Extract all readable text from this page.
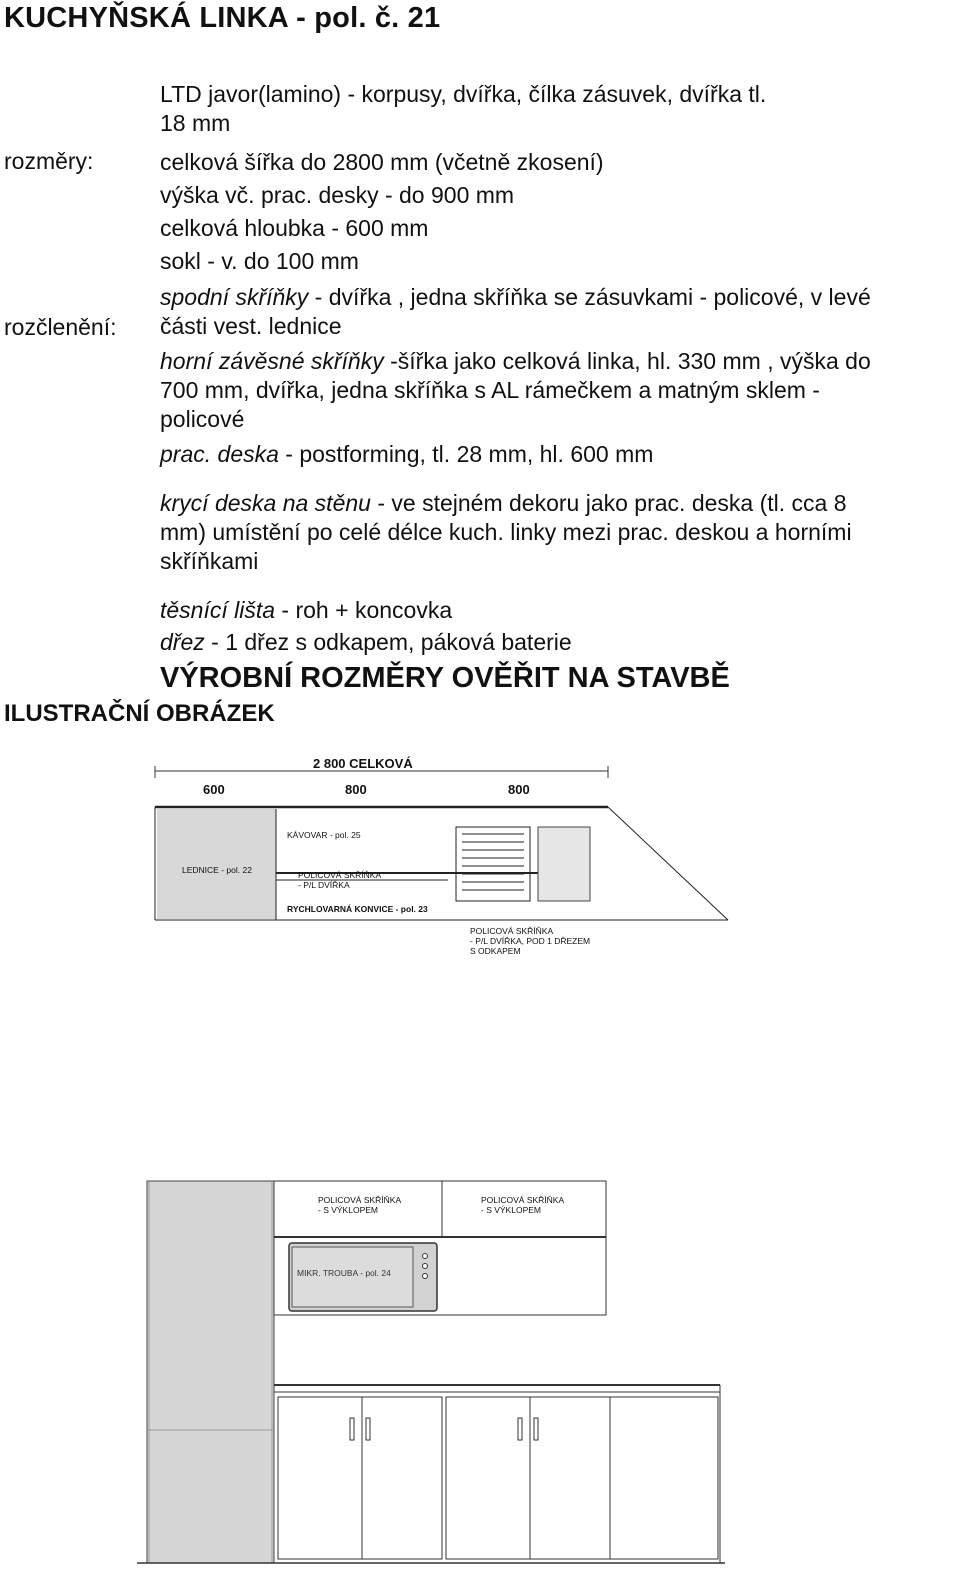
KUCHYŇSKÁ LINKA - pol. č. 21
LTD javor(lamino) - korpusy, dvířka, čílka zásuvek, dvířka tl.
18 mm
rozměry:	celková šířka do 2800 mm (včetně zkosení)
výška vč. prac. desky - do 900 mm
celková hloubka - 600 mm
sokl - v. do 100 mm
rozčlenění:
spodní skříňky - dvířka , jedna skříňka se zásuvkami - policové, v levé
části vest. lednice
horní závěsné skříňky -šířka jako celková linka, hl. 330 mm , výška do
700 mm, dvířka, jedna skříňka s AL rámečkem a matným sklem -
policové
prac. deska - postforming, tl. 28 mm, hl. 600 mm
krycí deska na stěnu - ve stejném dekoru jako prac. deska (tl. cca 8
mm) umístění po celé délce kuch. linky mezi prac. deskou a horními
skříňkami
těsnící lišta - roh + koncovka
dřez - 1 dřez s odkapem, páková baterie
VÝROBNÍ ROZMĚRY OVĚŘIT NA STAVBĚ
ILUSTRAČNÍ OBRÁZEK
2 800 CELKOVÁ
600	800	800
KÁVOVAR - pol. 25
LEDNICE - pol. 22	POLICOVÁ SKŘÍŇKA
- P/L DVÍŘKA
RYCHLOVARNÁ KONVICE - pol. 23
POLICOVÁ SKŘÍŇKA
- P/L DVÍŘKA, POD 1 DŘEZEM
S ODKAPEM
POLICOVÁ SKŘÍŇKA
- S VÝKLOPEM
POLICOVÁ SKŘÍŇKA
- S VÝKLOPEM
MIKR. TROUBA - pol. 24
